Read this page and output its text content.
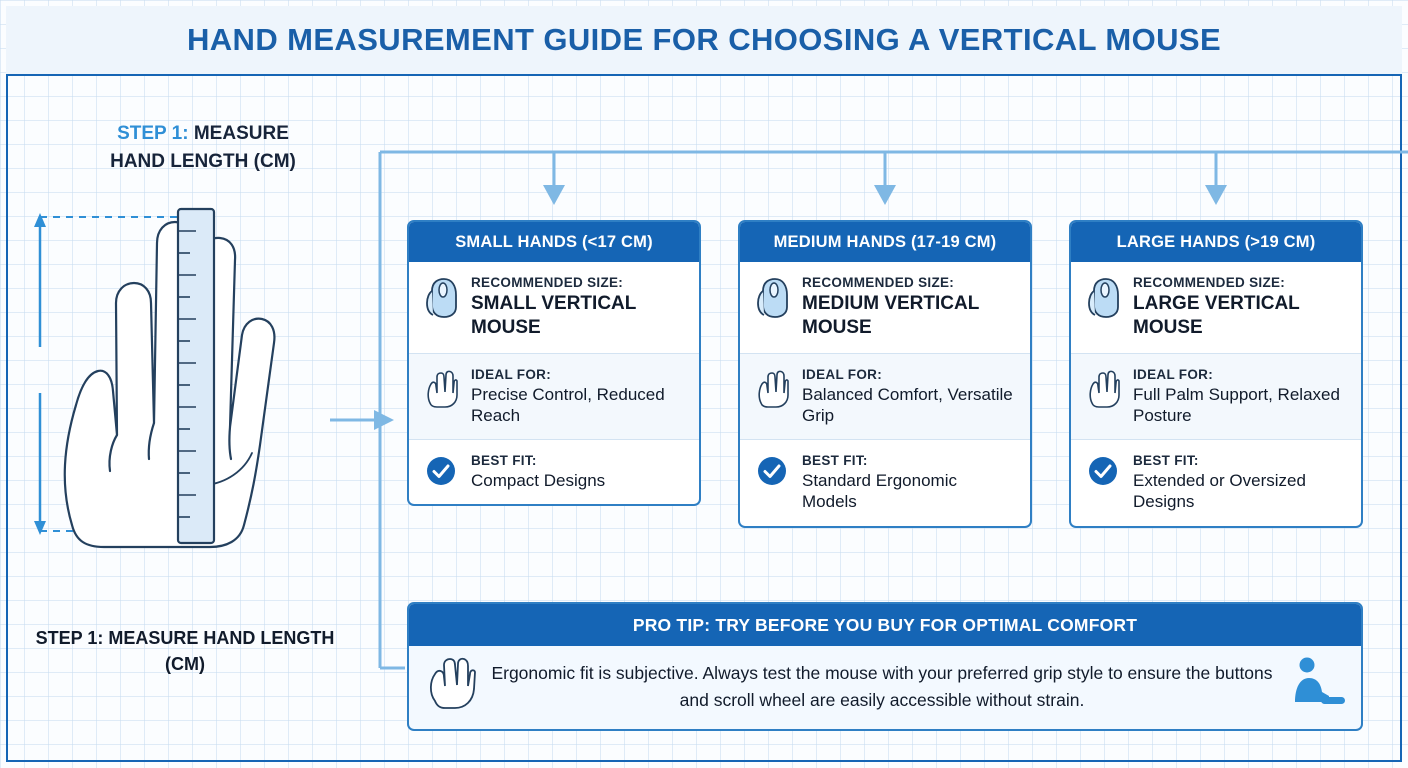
HAND MEASUREMENT GUIDE FOR CHOOSING A VERTICAL MOUSE
STEP 1: MEASURE
HAND LENGTH (CM)
STEP 1: MEASURE HAND LENGTH (CM)
SMALL HANDS (<17 CM)
RECOMMENDED SIZE:
SMALL VERTICAL MOUSE
IDEAL FOR:
Precise Control, Reduced Reach
BEST FIT:
Compact Designs
MEDIUM HANDS (17-19 CM)
RECOMMENDED SIZE:
MEDIUM VERTICAL MOUSE
IDEAL FOR:
Balanced Comfort, Versatile Grip
BEST FIT:
Standard Ergonomic Models
LARGE HANDS (>19 CM)
RECOMMENDED SIZE:
LARGE VERTICAL MOUSE
IDEAL FOR:
Full Palm Support, Relaxed Posture
BEST FIT:
Extended or Oversized Designs
PRO TIP: TRY BEFORE YOU BUY FOR OPTIMAL COMFORT
Ergonomic fit is subjective. Always test the mouse with your preferred grip style to ensure the buttons and scroll wheel are easily accessible without strain.
